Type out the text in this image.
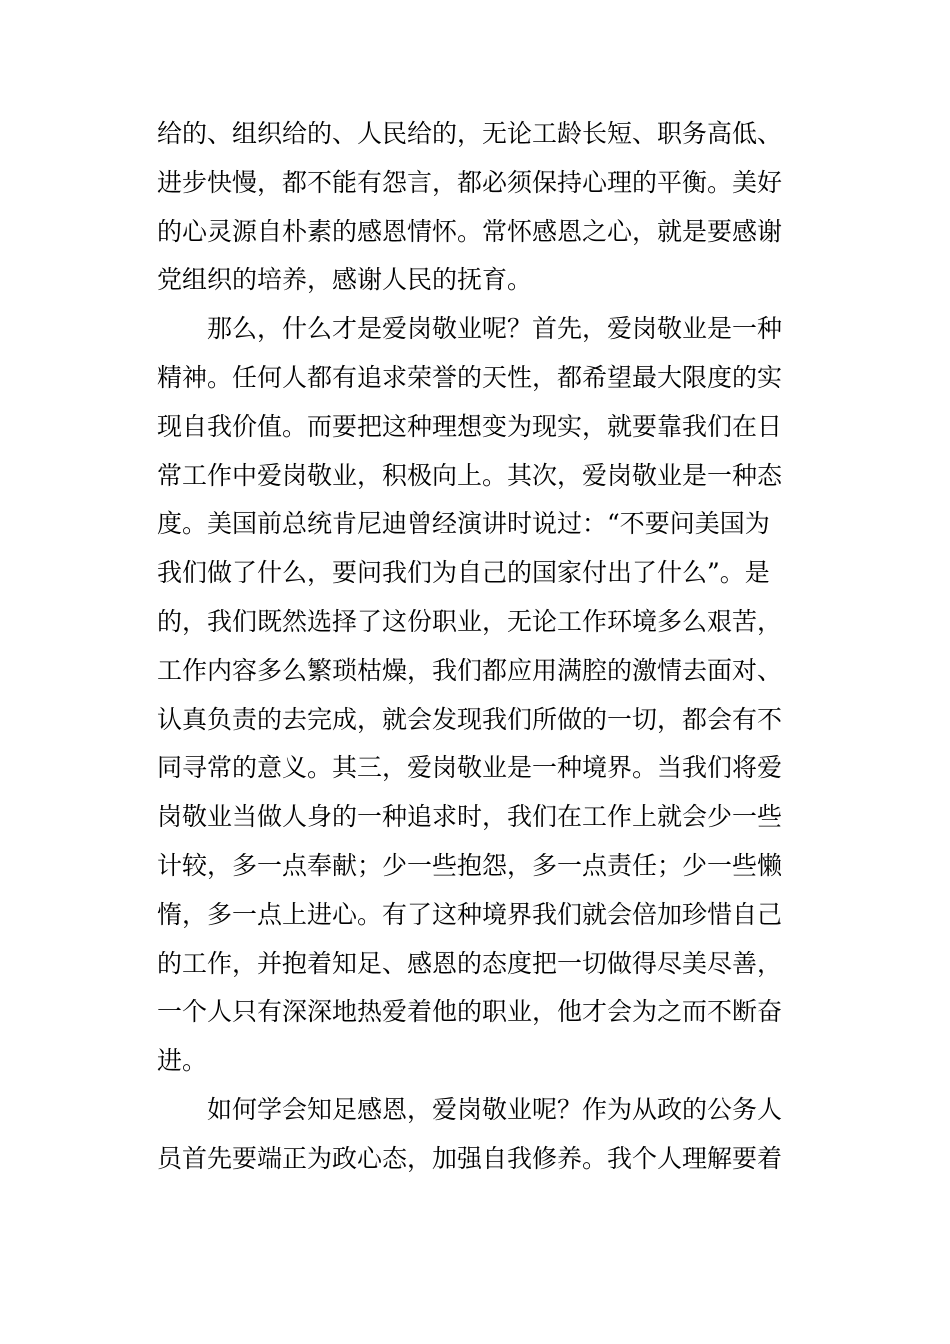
给的、组织给的、人民给的，无论工龄长短、职务高低、
进步快慢，都不能有怨言，都必须保持心理的平衡。美好
的心灵源自朴素的感恩情怀。常怀感恩之心，就是要感谢
党组织的培养，感谢人民的抚育。
那么，什么才是爱岗敬业呢？首先，爱岗敬业是一种
精神。任何人都有追求荣誉的天性，都希望最大限度的实
现自我价值。而要把这种理想变为现实，就要靠我们在日
常工作中爱岗敬业，积极向上。其次，爱岗敬业是一种态
度。美国前总统肯尼迪曾经演讲时说过：“不要问美国为
我们做了什么，要问我们为自己的国家付出了什么”。是
的，我们既然选择了这份职业，无论工作环境多么艰苦，
工作内容多么繁琐枯燥，我们都应用满腔的激情去面对、
认真负责的去完成，就会发现我们所做的一切，都会有不
同寻常的意义。其三，爱岗敬业是一种境界。当我们将爱
岗敬业当做人身的一种追求时，我们在工作上就会少一些
计较，多一点奉献；少一些抱怨，多一点责任；少一些懒
惰，多一点上进心。有了这种境界我们就会倍加珍惜自己
的工作，并抱着知足、感恩的态度把一切做得尽美尽善，
一个人只有深深地热爱着他的职业，他才会为之而不断奋
进。
如何学会知足感恩，爱岗敬业呢？作为从政的公务人
员首先要端正为政心态，加强自我修养。我个人理解要着
